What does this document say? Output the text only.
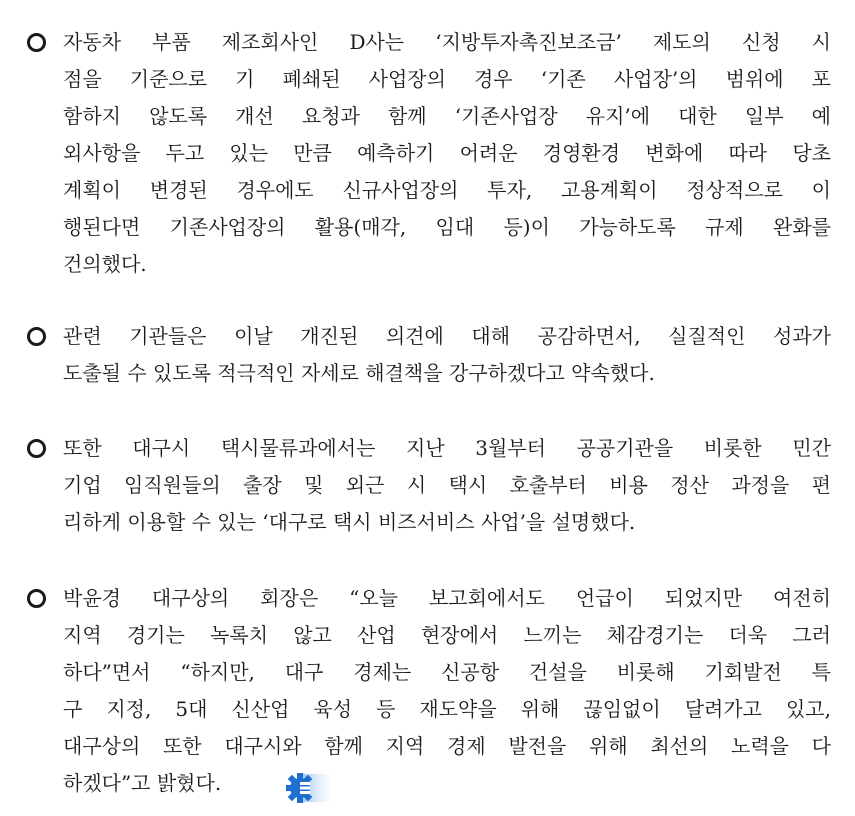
자동차 부품 제조회사인 D사는 ‘지방투자촉진보조금’ 제도의 신청 시
점을 기준으로 기 폐쇄된 사업장의 경우 ‘기존 사업장’의 범위에 포
함하지 않도록 개선 요청과 함께 ‘기존사업장 유지’에 대한 일부 예
외사항을 두고 있는 만큼 예측하기 어려운 경영환경 변화에 따라 당초
계획이 변경된 경우에도 신규사업장의 투자, 고용계획이 정상적으로 이
행된다면 기존사업장의 활용(매각, 임대 등)이 가능하도록 규제 완화를
건의했다.
관련 기관들은 이날 개진된 의견에 대해 공감하면서, 실질적인 성과가
도출될 수 있도록 적극적인 자세로 해결책을 강구하겠다고 약속했다.
또한 대구시 택시물류과에서는 지난 3월부터 공공기관을 비롯한 민간
기업 임직원들의 출장 및 외근 시 택시 호출부터 비용 정산 과정을 편
리하게 이용할 수 있는 ‘대구로 택시 비즈서비스 사업’을 설명했다.
박윤경 대구상의 회장은 “오늘 보고회에서도 언급이 되었지만 여전히
지역 경기는 녹록치 않고 산업 현장에서 느끼는 체감경기는 더욱 그러
하다”면서 “하지만, 대구 경제는 신공항 건설을 비롯해 기회발전 특
구 지정, 5대 신산업 육성 등 재도약을 위해 끊임없이 달려가고 있고,
대구상의 또한 대구시와 함께 지역 경제 발전을 위해 최선의 노력을 다
하겠다”고 밝혔다.
